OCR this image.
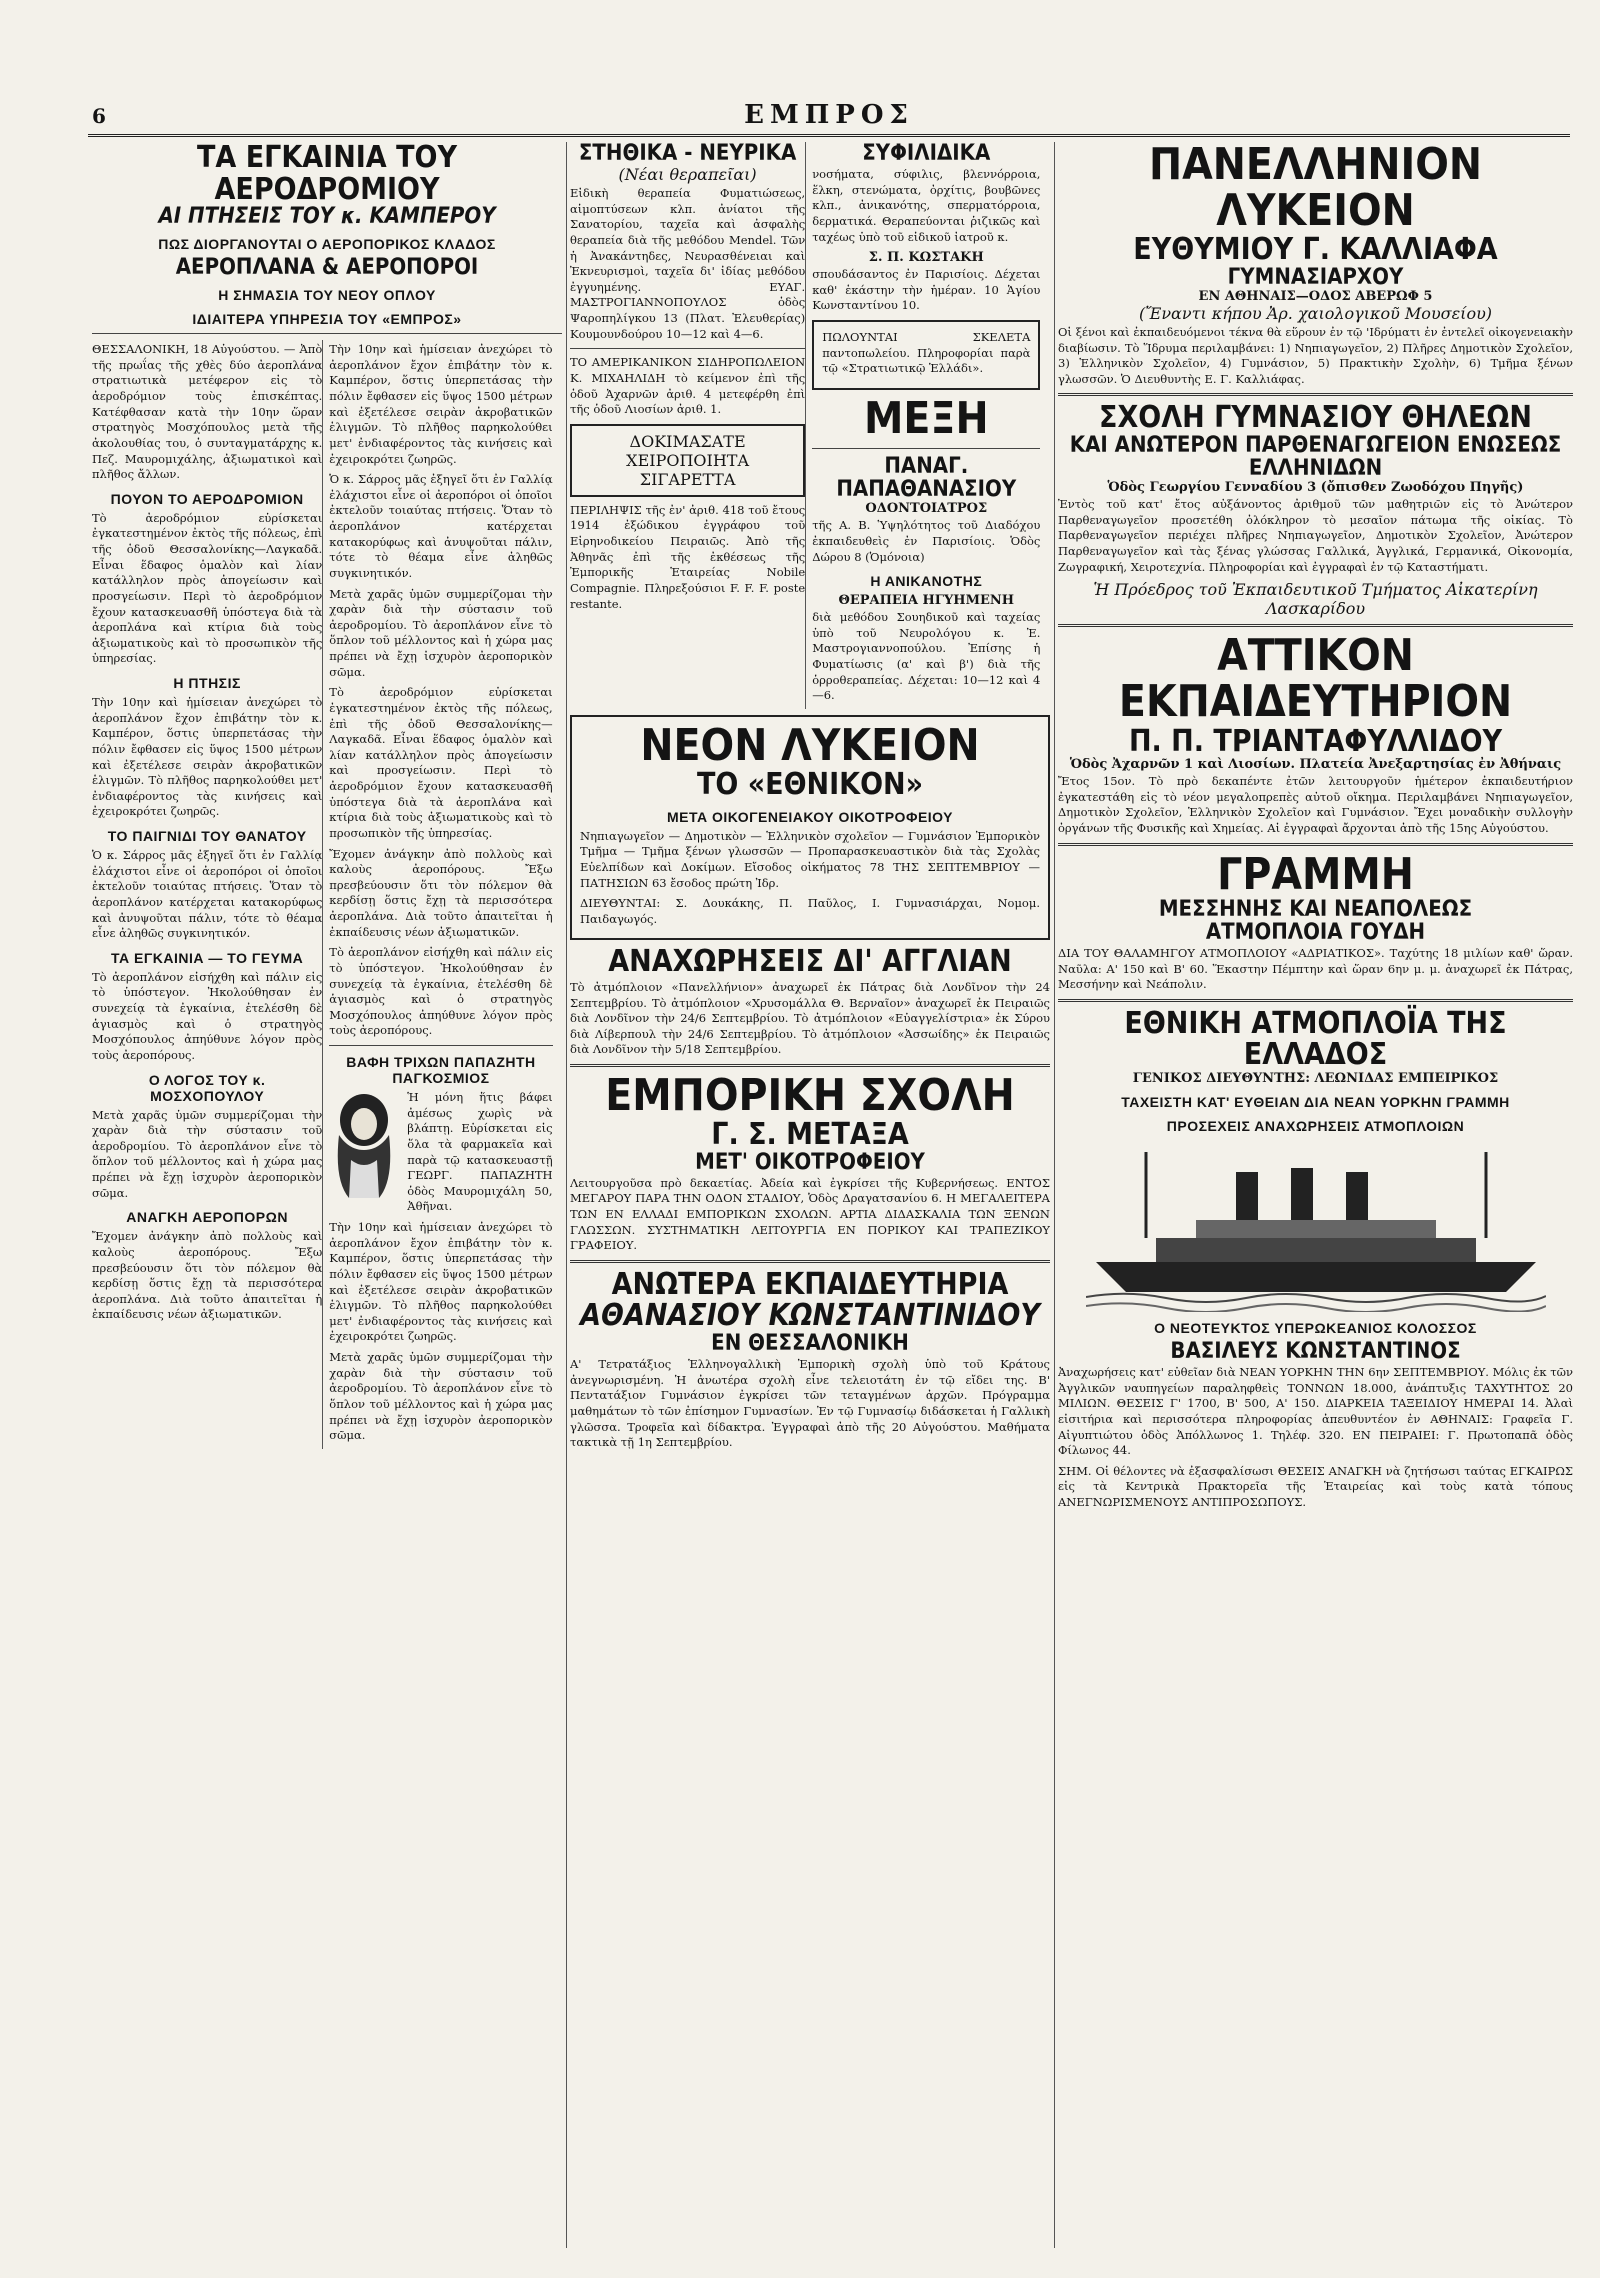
6	ΕΜΠΡΟΣ
ΤΑ ΕΓΚΑΙΝΙΑ ΤΟΥ ΑΕΡΟΔΡΟΜΙΟΥ
ΑΙ ΠΤΗΣΕΙΣ ΤΟΥ κ. ΚΑΜΠΕΡΟΥ
ΠΩΣ ΔΙΟΡΓΑΝΟΥΤΑΙ Ο ΑΕΡΟΠΟΡΙΚΟΣ ΚΛΑΔΟΣ
ΑΕΡΟΠΛΑΝΑ & ΑΕΡΟΠΟΡΟΙ
Η ΣΗΜΑΣΙΑ ΤΟΥ ΝΕΟΥ ΟΠΛΟΥ
ΙΔΙΑΙΤΕΡΑ ΥΠΗΡΕΣΙΑ ΤΟΥ «ΕΜΠΡΟΣ»

ΘΕΣΣΑΛΟΝΙΚΗ, 18 Αὐγούστου. — Ἀπὸ τῆς πρωΐας τῆς χθὲς δύο ἀεροπλάνα στρατιωτικὰ μετέφερον εἰς τὸ ἀεροδρόμιον τοὺς ἐπισκέπτας. Κατέφθασαν κατὰ τὴν 10ην ὥραν στρατηγὸς Μοσχόπουλος μετὰ τῆς ἀκολουθίας του, ὁ συνταγματάρχης κ. Πεζ. Μαυρομιχάλης, ἀξιωματικοὶ καὶ πλῆθος ἄλλων.

ΠΟΥΟΝ ΤΟ ΑΕΡΟΔΡΟΜΙΟΝ

Τὸ ἀεροδρόμιον εὑρίσκεται ἐγκατεστημένον ἐκτὸς τῆς πόλεως, ἐπὶ τῆς ὁδοῦ Θεσσαλονίκης—Λαγκαδᾶ. Εἶναι ἕδαφος ὁμαλὸν καὶ λίαν κατάλληλον πρὸς ἀπογείωσιν καὶ προσγείωσιν. Περὶ τὸ ἀεροδρόμιον ἔχουν κατασκευασθῆ ὑπόστεγα διὰ τὰ ἀεροπλάνα καὶ κτίρια διὰ τοὺς ἀξιωματικοὺς καὶ τὸ προσωπικὸν τῆς ὑπηρεσίας.

Η ΠΤΗΣΙΣ

Τὴν 10ην καὶ ἡμίσειαν ἀνεχώρει τὸ ἀεροπλάνον ἔχον ἐπιβάτην τὸν κ. Καμπέρον, ὅστις ὑπερπετάσας τὴν πόλιν ἔφθασεν εἰς ὕψος 1500 μέτρων καὶ ἐξετέλεσε σειρὰν ἀκροβατικῶν ἑλιγμῶν. Τὸ πλῆθος παρηκολούθει μετ' ἐνδιαφέροντος τὰς κινήσεις καὶ ἐχειροκρότει ζωηρῶς.

ΤΟ ΠΑΙΓΝΙΔΙ ΤΟΥ ΘΑΝΑΤΟΥ

Ὁ κ. Σάρρος μᾶς ἐξηγεῖ ὅτι ἐν Γαλλίᾳ ἐλάχιστοι εἶνε οἱ ἀεροπόροι οἱ ὁποῖοι ἐκτελοῦν τοιαύτας πτήσεις. Ὅταν τὸ ἀεροπλάνον κατέρχεται κατακορύφως καὶ ἀνυψοῦται πάλιν, τότε τὸ θέαμα εἶνε ἀληθῶς συγκινητικόν.

ΤΑ ΕΓΚΑΙΝΙΑ — ΤΟ ΓΕΥΜΑ

Τὸ ἀεροπλάνον εἰσήχθη καὶ πάλιν εἰς τὸ ὑπόστεγον. Ἠκολούθησαν ἐν συνεχείᾳ τὰ ἐγκαίνια, ἐτελέσθη δὲ ἁγιασμὸς καὶ ὁ στρατηγὸς Μοσχόπουλος ἀπηύθυνε λόγον πρὸς τοὺς ἀεροπόρους.

Ο ΛΟΓΟΣ ΤΟΥ κ. ΜΟΣΧΟΠΟΥΛΟΥ

Μετὰ χαρᾶς ὑμῶν συμμερίζομαι τὴν χαρὰν διὰ τὴν σύστασιν τοῦ ἀεροδρομίου. Τὸ ἀεροπλάνον εἶνε τὸ ὅπλον τοῦ μέλλοντος καὶ ἡ χώρα μας πρέπει νὰ ἔχῃ ἰσχυρὸν ἀεροπορικὸν σῶμα.

ΑΝΑΓΚΗ ΑΕΡΟΠΟΡΩΝ

Ἔχομεν ἀνάγκην ἀπὸ πολλοὺς καὶ καλοὺς ἀεροπόρους. Ἔξω πρεσβεύουσιν ὅτι τὸν πόλεμον θὰ κερδίσῃ ὅστις ἔχῃ τὰ περισσότερα ἀεροπλάνα. Διὰ τοῦτο ἀπαιτεῖται ἡ ἐκπαίδευσις νέων ἀξιωματικῶν.

Τὴν 10ην καὶ ἡμίσειαν ἀνεχώρει τὸ ἀεροπλάνον ἔχον ἐπιβάτην τὸν κ. Καμπέρον, ὅστις ὑπερπετάσας τὴν πόλιν ἔφθασεν εἰς ὕψος 1500 μέτρων καὶ ἐξετέλεσε σειρὰν ἀκροβατικῶν ἑλιγμῶν. Τὸ πλῆθος παρηκολούθει μετ' ἐνδιαφέροντος τὰς κινήσεις καὶ ἐχειροκρότει ζωηρῶς.

Ὁ κ. Σάρρος μᾶς ἐξηγεῖ ὅτι ἐν Γαλλίᾳ ἐλάχιστοι εἶνε οἱ ἀεροπόροι οἱ ὁποῖοι ἐκτελοῦν τοιαύτας πτήσεις. Ὅταν τὸ ἀεροπλάνον κατέρχεται κατακορύφως καὶ ἀνυψοῦται πάλιν, τότε τὸ θέαμα εἶνε ἀληθῶς συγκινητικόν.

Μετὰ χαρᾶς ὑμῶν συμμερίζομαι τὴν χαρὰν διὰ τὴν σύστασιν τοῦ ἀεροδρομίου. Τὸ ἀεροπλάνον εἶνε τὸ ὅπλον τοῦ μέλλοντος καὶ ἡ χώρα μας πρέπει νὰ ἔχῃ ἰσχυρὸν ἀεροπορικὸν σῶμα.

Τὸ ἀεροδρόμιον εὑρίσκεται ἐγκατεστημένον ἐκτὸς τῆς πόλεως, ἐπὶ τῆς ὁδοῦ Θεσσαλονίκης—Λαγκαδᾶ. Εἶναι ἕδαφος ὁμαλὸν καὶ λίαν κατάλληλον πρὸς ἀπογείωσιν καὶ προσγείωσιν. Περὶ τὸ ἀεροδρόμιον ἔχουν κατασκευασθῆ ὑπόστεγα διὰ τὰ ἀεροπλάνα καὶ κτίρια διὰ τοὺς ἀξιωματικοὺς καὶ τὸ προσωπικὸν τῆς ὑπηρεσίας.

Ἔχομεν ἀνάγκην ἀπὸ πολλοὺς καὶ καλοὺς ἀεροπόρους. Ἔξω πρεσβεύουσιν ὅτι τὸν πόλεμον θὰ κερδίσῃ ὅστις ἔχῃ τὰ περισσότερα ἀεροπλάνα. Διὰ τοῦτο ἀπαιτεῖται ἡ ἐκπαίδευσις νέων ἀξιωματικῶν.

Τὸ ἀεροπλάνον εἰσήχθη καὶ πάλιν εἰς τὸ ὑπόστεγον. Ἠκολούθησαν ἐν συνεχείᾳ τὰ ἐγκαίνια, ἐτελέσθη δὲ ἁγιασμὸς καὶ ὁ στρατηγὸς Μοσχόπουλος ἀπηύθυνε λόγον πρὸς τοὺς ἀεροπόρους.

ΒΑΦΗ ΤΡΙΧΩΝ ΠΑΠΑΖΗΤΗ ΠΑΓΚΟΣΜΙΟΣ

Ἡ μόνη ἥτις βάφει ἀμέσως χωρὶς νὰ βλάπτῃ. Εὑρίσκεται εἰς ὅλα τὰ φαρμακεῖα καὶ παρὰ τῷ κατασκευαστῇ ΓΕΩΡΓ. ΠΑΠΑΖΗΤΗ ὁδὸς Μαυρομιχάλη 50, Ἀθῆναι.

Τὴν 10ην καὶ ἡμίσειαν ἀνεχώρει τὸ ἀεροπλάνον ἔχον ἐπιβάτην τὸν κ. Καμπέρον, ὅστις ὑπερπετάσας τὴν πόλιν ἔφθασεν εἰς ὕψος 1500 μέτρων καὶ ἐξετέλεσε σειρὰν ἀκροβατικῶν ἑλιγμῶν. Τὸ πλῆθος παρηκολούθει μετ' ἐνδιαφέροντος τὰς κινήσεις καὶ ἐχειροκρότει ζωηρῶς.

Μετὰ χαρᾶς ὑμῶν συμμερίζομαι τὴν χαρὰν διὰ τὴν σύστασιν τοῦ ἀεροδρομίου. Τὸ ἀεροπλάνον εἶνε τὸ ὅπλον τοῦ μέλλοντος καὶ ἡ χώρα μας πρέπει νὰ ἔχῃ ἰσχυρὸν ἀεροπορικὸν σῶμα.

ΣΤΗΘΙΚΑ - ΝΕΥΡΙΚΑ
(Νέαι θεραπεῖαι)

Εἰδικὴ θεραπεία Φυματιώσεως, αἱμοπτύσεων κλπ. ἀνίατοι τῆς Σανατορίου, ταχεῖα καὶ ἀσφαλὴς θεραπεία διὰ τῆς μεθόδου Mendel. Τῶν ἡ Ἀνακάντηδες, Νευρασθένειαι καὶ Ἐκνευρισμοὶ, ταχεῖα δι' ἰδίας μεθόδου ἐγγυημένης. ΕΥΑΓ. ΜΑΣΤΡΟΓΙΑΝΝΟΠΟΥΛΟΣ ὁδὸς Ψαροπηλίγκου 13 (Πλατ. Ἐλευθερίας) Κουμουνδούρου 10—12 καὶ 4—6.

ΤΟ ΑΜΕΡΙΚΑΝΙΚΟΝ ΣΙΔΗΡΟΠΩΛΕΙΟΝ Κ. ΜΙΧΑΗΛΙΔΗ τὸ κείμενον ἐπὶ τῆς ὁδοῦ Ἀχαρνῶν ἀριθ. 4 μετεφέρθη ἐπὶ τῆς ὁδοῦ Λιοσίων ἀριθ. 1.

ΔΟΚΙΜΑΣΑΤΕ ΧΕΙΡΟΠΟΙΗΤΑ ΣΙΓΑΡΕΤΤΑ

ΠΕΡΙΛΗΨΙΣ τῆς ἐν' ἀριθ. 418 τοῦ ἔτους 1914 ἐξώδικου ἐγγράφου τοῦ Εἰρηνοδικείου Πειραιῶς. Ἀπὸ τῆς Ἀθηνᾶς ἐπὶ τῆς ἐκθέσεως τῆς Ἐμπορικῆς Ἑταιρείας Nobile Compagnie. Πληρεξούσιοι F. F. F. poste restante.

ΣΥΦΙΛΙΔΙΚΑ

νοσήματα, σύφιλις, βλεννόρροια, ἕλκη, στενώματα, ὀρχίτις, βουβῶνες κλπ., ἀνικανότης, σπερματόρροια, δερματικά. Θεραπεύονται ῥιζικῶς καὶ ταχέως ὑπὸ τοῦ εἰδικοῦ ἰατροῦ κ.

Σ. Π. ΚΩΣΤΑΚΗ

σπουδάσαντος ἐν Παρισίοις. Δέχεται καθ' ἑκάστην τὴν ἡμέραν. 10 Ἁγίου Κωνσταντίνου 10.

ΠΩΛΟΥΝΤΑΙ ΣΚΕΛΕΤΑ παντοπωλείου. Πληροφορίαι παρὰ τῷ «Στρατιωτικῷ Ἑλλάδι».

ΜΕΞΗ
ΠΑΝΑΓ. ΠΑΠΑΘΑΝΑΣΙΟΥ
ΟΔΟΝΤΟΙΑΤΡΟΣ

τῆς Α. Β. Ὑψηλότητος τοῦ Διαδόχου ἐκπαιδευθεὶς ἐν Παρισίοις. Ὁδὸς Δώρου 8 (Ὁμόνοια)

Η ΑΝΙΚΑΝΟΤΗΣ
ΘΕΡΑΠΕΙΑ ΗΓΥΗΜΕΝΗ

διὰ μεθόδου Σουηδικοῦ καὶ ταχείας ὑπὸ τοῦ Νευρολόγου κ. Ἐ. Μαστρογιαννοπούλου. Ἐπίσης ἡ Φυματίωσις (α' καὶ β') διὰ τῆς ὁρροθεραπείας. Δέχεται: 10—12 καὶ 4—6.

ΝΕΟΝ ΛΥΚΕΙΟΝ
ΤΟ «ΕΘΝΙΚΟΝ»
ΜΕΤΑ ΟΙΚΟΓΕΝΕΙΑΚΟΥ ΟΙΚΟΤΡΟΦΕΙΟΥ

Νηπιαγωγεῖον — Δημοτικὸν — Ἑλληνικὸν σχολεῖον — Γυμνάσιον Ἐμπορικὸν Τμῆμα — Τμῆμα ξένων γλωσσῶν — Προπαρασκευαστικὸν διὰ τὰς Σχολὰς Εὐελπίδων καὶ Δοκίμων. Εἴσοδος οἰκήματος 78 ΤΗΣ ΣΕΠΤΕΜΒΡΙΟΥ — ΠΑΤΗΣΙΩΝ 63 ἔσοδος πρώτη Ἰδρ.

ΔΙΕΥΘΥΝΤΑΙ: Σ. Δουκάκης, Π. Παῦλος, Ι. Γυμνασιάρχαι, Νομομ. Παιδαγωγός.

ΑΝΑΧΩΡΗΣΕΙΣ ΔΙ' ΑΓΓΛΙΑΝ

Τὸ ἀτμόπλοιον «Πανελλήνιον» ἀναχωρεῖ ἐκ Πάτρας διὰ Λονδῖνον τὴν 24 Σεπτεμβρίου. Τὸ ἀτμόπλοιον «Χρυσομάλλα Θ. Βερναῖον» ἀναχωρεῖ ἐκ Πειραιῶς διὰ Λονδῖνον τὴν 24/6 Σεπτεμβρίου. Τὸ ἀτμόπλοιον «Εὐαγγελίστρια» ἐκ Σύρου διὰ Λίβερπουλ τὴν 24/6 Σεπτεμβρίου. Τὸ ἀτμόπλοιον «Ἀσσωίδης» ἐκ Πειραιῶς διὰ Λονδῖνον τὴν 5/18 Σεπτεμβρίου.

ΕΜΠΟΡΙΚΗ ΣΧΟΛΗ
Γ. Σ. ΜΕΤΑΞΑ
ΜΕΤ' ΟΙΚΟΤΡΟΦΕΙΟΥ

Λειτουργοῦσα πρὸ δεκαετίας. Ἀδεία καὶ ἐγκρίσει τῆς Κυβερνήσεως. ΕΝΤΟΣ ΜΕΓΑΡΟΥ ΠΑΡΑ ΤΗΝ ΟΔΟΝ ΣΤΑΔΙΟΥ, Ὁδὸς Δραγατσανίου 6. Η ΜΕΓΑΛΕΙΤΕΡΑ ΤΩΝ ΕΝ ΕΛΛΑΔΙ ΕΜΠΟΡΙΚΩΝ ΣΧΟΛΩΝ. ΑΡΤΙΑ ΔΙΔΑΣΚΑΛΙΑ ΤΩΝ ΞΕΝΩΝ ΓΛΩΣΣΩΝ. ΣΥΣΤΗΜΑΤΙΚΗ ΛΕΙΤΟΥΡΓΙΑ ΕΝ ΠΟΡΙΚΟΥ ΚΑΙ ΤΡΑΠΕΖΙΚΟΥ ΓΡΑΦΕΙΟΥ.

ΑΝΩΤΕΡΑ ΕΚΠΑΙΔΕΥΤΗΡΙΑ
ΑΘΑΝΑΣΙΟΥ ΚΩΝΣΤΑΝΤΙΝΙΔΟΥ
ΕΝ ΘΕΣΣΑΛΟΝΙΚΗ

Α' Τετρατάξιος Ἑλληνογαλλικὴ Ἐμπορικὴ σχολὴ ὑπὸ τοῦ Κράτους ἀνεγνωρισμένη. Ἡ ἀνωτέρα σχολὴ εἶνε τελειοτάτη ἐν τῷ εἴδει της. Β' Πεντατάξιον Γυμνάσιον ἐγκρίσει τῶν τεταγμένων ἀρχῶν. Πρόγραμμα μαθημάτων τὸ τῶν ἐπίσημον Γυμνασίων. Ἐν τῷ Γυμνασίῳ διδάσκεται ἡ Γαλλικὴ γλῶσσα. Τροφεῖα καὶ δίδακτρα. Ἐγγραφαὶ ἀπὸ τῆς 20 Αὐγούστου. Μαθήματα τακτικὰ τῇ 1η Σεπτεμβρίου.

ΠΑΝΕΛΛΗΝΙΟΝ ΛΥΚΕΙΟΝ
ΕΥΘΥΜΙΟΥ Γ. ΚΑΛΛΙΑΦΑ
ΓΥΜΝΑΣΙΑΡΧΟΥ
ΕΝ ΑΘΗΝΑΙΣ—ΟΔΟΣ ΑΒΕΡΩΦ 5
(Ἔναντι κήπου Ἀρ. χαιολογικοῦ Μουσείου)

Οἱ ξένοι καὶ ἐκπαιδευόμενοι τέκνα θὰ εὕρουν ἐν τῷ 'Ιδρύματι ἐν ἐντελεῖ οἰκογενειακὴν διαβίωσιν. Τὸ Ἵδρυμα περιλαμβάνει: 1) Νηπιαγωγεῖον, 2) Πλῆρες Δημοτικὸν Σχολεῖον, 3) Ἑλληνικὸν Σχολεῖον, 4) Γυμνάσιον, 5) Πρακτικὴν Σχολὴν, 6) Τμῆμα ξένων γλωσσῶν. Ὁ Διευθυντὴς Ε. Γ. Καλλιάφας.

ΣΧΟΛΗ ΓΥΜΝΑΣΙΟΥ ΘΗΛΕΩΝ
ΚΑΙ ΑΝΩΤΕΡΟΝ ΠΑΡΘΕΝΑΓΩΓΕΙΟΝ ΕΝΩΣΕΩΣ ΕΛΛΗΝΙΔΩΝ
Ὁδὸς Γεωργίου Γενναδίου 3 (ὄπισθεν Ζωοδόχου Πηγῆς)

Ἐντὸς τοῦ κατ' ἔτος αὐξάνοντος ἀριθμοῦ τῶν μαθητριῶν εἰς τὸ Ἀνώτερον Παρθεναγωγεῖον προσετέθη ὀλόκληρον τὸ μεσαῖον πάτωμα τῆς οἰκίας. Τὸ Παρθεναγωγεῖον περιέχει πλῆρες Νηπιαγωγεῖον, Δημοτικὸν Σχολεῖον, Ἀνώτερον Παρθεναγωγεῖον καὶ τὰς ξένας γλώσσας Γαλλικά, Ἀγγλικά, Γερμανικά, Οἰκονομία, Ζωγραφική, Χειροτεχνία. Πληροφορίαι καὶ ἐγγραφαὶ ἐν τῷ Καταστήματι.

Ἡ Πρόεδρος τοῦ Ἐκπαιδευτικοῦ Τμήματος Αἰκατερίνη Λασκαρίδου
ΑΤΤΙΚΟΝ ΕΚΠΑΙΔΕΥΤΗΡΙΟΝ
Π. Π. ΤΡΙΑΝΤΑΦΥΛΛΙΔΟΥ
Ὁδὸς Ἀχαρνῶν 1 καὶ Λιοσίων. Πλατεία Ἀνεξαρτησίας ἐν Ἀθήναις

Ἔτος 15ον. Τὸ πρὸ δεκαπέντε ἐτῶν λειτουργοῦν ἡμέτερον ἐκπαιδευτήριον ἐγκατεστάθη εἰς τὸ νέον μεγαλοπρεπὲς αὐτοῦ οἴκημα. Περιλαμβάνει Νηπιαγωγεῖον, Δημοτικὸν Σχολεῖον, Ἑλληνικὸν Σχολεῖον καὶ Γυμνάσιον. Ἔχει μοναδικὴν συλλογὴν ὀργάνων τῆς Φυσικῆς καὶ Χημείας. Αἱ ἐγγραφαὶ ἄρχονται ἀπὸ τῆς 15ης Αὐγούστου.

ΓΡΑΜΜΗ
ΜΕΣΣΗΝΗΣ ΚΑΙ ΝΕΑΠΟΛΕΩΣ
ΑΤΜΟΠΛΟΙΑ ΓΟΥΔΗ

ΔΙΑ ΤΟΥ ΘΑΛΑΜΗΓΟΥ ΑΤΜΟΠΛΟΙΟΥ «ΑΔΡΙΑΤΙΚΟΣ». Ταχύτης 18 μιλίων καθ' ὥραν. Ναῦλα: Α' 150 καὶ Β' 60. Ἕκαστην Πέμπτην καὶ ὥραν 6ην μ. μ. ἀναχωρεῖ ἐκ Πάτρας, Μεσσήνην καὶ Νεάπολιν.

ΕΘΝΙΚΗ ΑΤΜΟΠΛΟΪΑ ΤΗΣ ΕΛΛΑΔΟΣ
ΓΕΝΙΚΟΣ ΔΙΕΥΘΥΝΤΗΣ: ΛΕΩΝΙΔΑΣ ΕΜΠΕΙΡΙΚΟΣ
ΤΑΧΕΙΣΤΗ ΚΑΤ' ΕΥΘΕΙΑΝ ΔΙΑ ΝΕΑΝ ΥΟΡΚΗΝ ΓΡΑΜΜΗ
ΠΡΟΣΕΧΕΙΣ ΑΝΑΧΩΡΗΣΕΙΣ ΑΤΜΟΠΛΟΙΩΝ
Ο ΝΕΟΤΕΥΚΤΟΣ ΥΠΕΡΩΚΕΑΝΙΟΣ ΚΟΛΟΣΣΟΣ
ΒΑΣΙΛΕΥΣ ΚΩΝΣΤΑΝΤΙΝΟΣ

Ἀναχωρήσεις κατ' εὐθεῖαν διὰ ΝΕΑΝ ΥΟΡΚΗΝ ΤΗΝ 6ην ΣΕΠΤΕΜΒΡΙΟΥ. Μόλις ἐκ τῶν Ἀγγλικῶν ναυπηγείων παραληφθεὶς ΤΟΝΝΩΝ 18.000, ἀνάπτυξις ΤΑΧΥΤΗΤΟΣ 20 ΜΙΛΙΩΝ. ΘΕΣΕΙΣ Γ' 1700, Β' 500, Α' 150. ΔΙΑΡΚΕΙΑ ΤΑΞΕΙΔΙΟΥ ΗΜΕΡΑΙ 14. Ἀλαὶ εἰσιτήρια καὶ περισσότερα πληροφορίας ἀπευθυντέον ἐν ΑΘΗΝΑΙΣ: Γραφεῖα Γ. Αἰγυπτιώτου ὁδὸς Ἀπόλλωνος 1. Τηλέφ. 320. ΕΝ ΠΕΙΡΑΙΕΙ: Γ. Πρωτοπαπᾶ ὁδὸς Φίλωνος 44.

ΣΗΜ. Οἱ θέλοντες νὰ ἐξασφαλίσωσι ΘΕΣΕΙΣ ΑΝΑΓΚΗ νὰ ζητήσωσι ταύτας ΕΓΚΑΙΡΩΣ εἰς τὰ Κεντρικὰ Πρακτορεῖα τῆς Ἑταιρείας καὶ τοὺς κατὰ τόπους ΑΝΕΓΝΩΡΙΣΜΕΝΟΥΣ ΑΝΤΙΠΡΟΣΩΠΟΥΣ.
